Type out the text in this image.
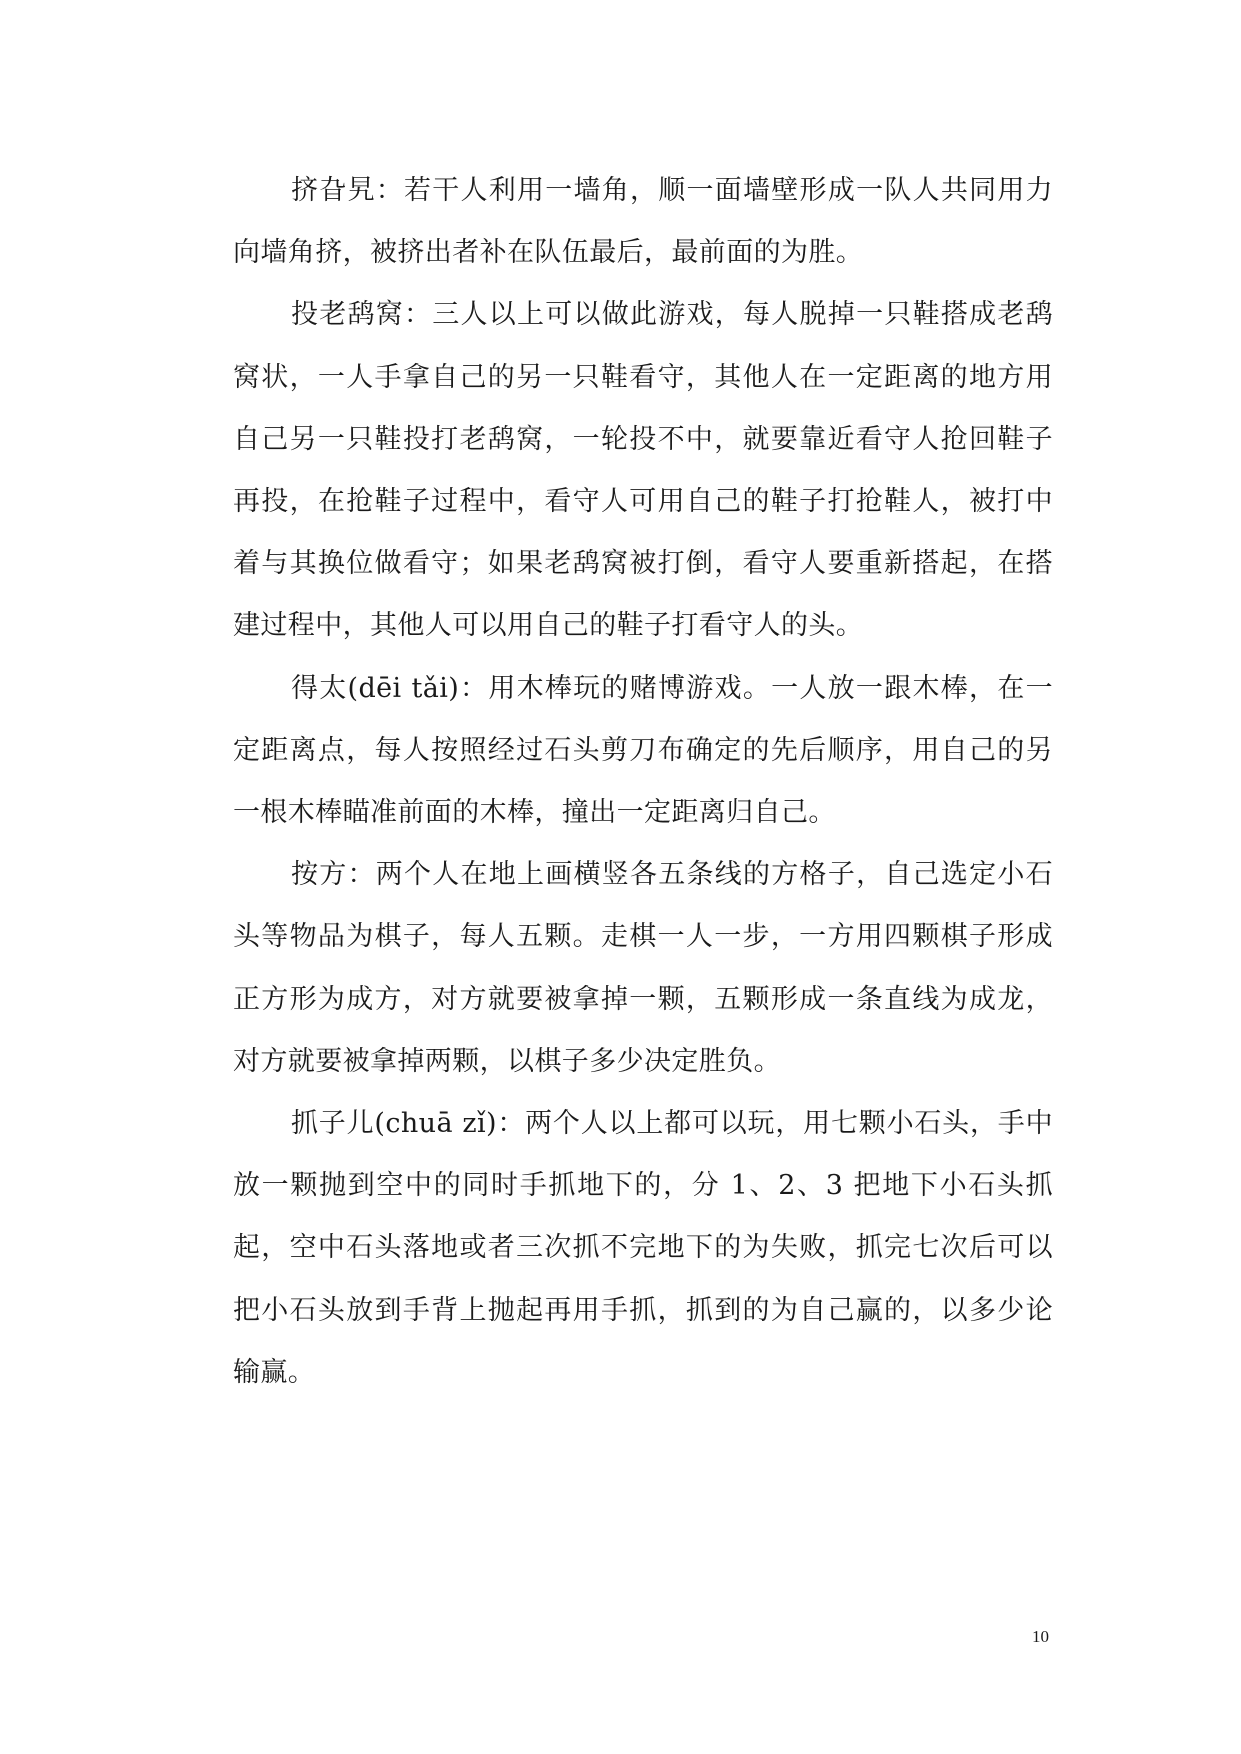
挤旮旯：若干人利用一墙角，顺一面墙壁形成一队人共同用力向墙角挤，被挤出者补在队伍最后，最前面的为胜。

投老鸹窝：三人以上可以做此游戏，每人脱掉一只鞋搭成老鸹窝状，一人手拿自己的另一只鞋看守，其他人在一定距离的地方用自己另一只鞋投打老鸹窝，一轮投不中，就要靠近看守人抢回鞋子再投，在抢鞋子过程中，看守人可用自己的鞋子打抢鞋人，被打中着与其换位做看守；如果老鸹窝被打倒，看守人要重新搭起，在搭建过程中，其他人可以用自己的鞋子打看守人的头。

得太(dēi tǎi)：用木棒玩的赌博游戏。一人放一跟木棒，在一定距离点，每人按照经过石头剪刀布确定的先后顺序，用自己的另一根木棒瞄准前面的木棒，撞出一定距离归自己。

按方：两个人在地上画横竖各五条线的方格子，自己选定小石头等物品为棋子，每人五颗。走棋一人一步，一方用四颗棋子形成正方形为成方，对方就要被拿掉一颗，五颗形成一条直线为成龙，对方就要被拿掉两颗，以棋子多少决定胜负。

抓子儿(chuā zǐ)：两个人以上都可以玩，用七颗小石头，手中放一颗抛到空中的同时手抓地下的，分 1、2、3 把地下小石头抓起，空中石头落地或者三次抓不完地下的为失败，抓完七次后可以把小石头放到手背上抛起再用手抓，抓到的为自己赢的，以多少论输赢。

10
